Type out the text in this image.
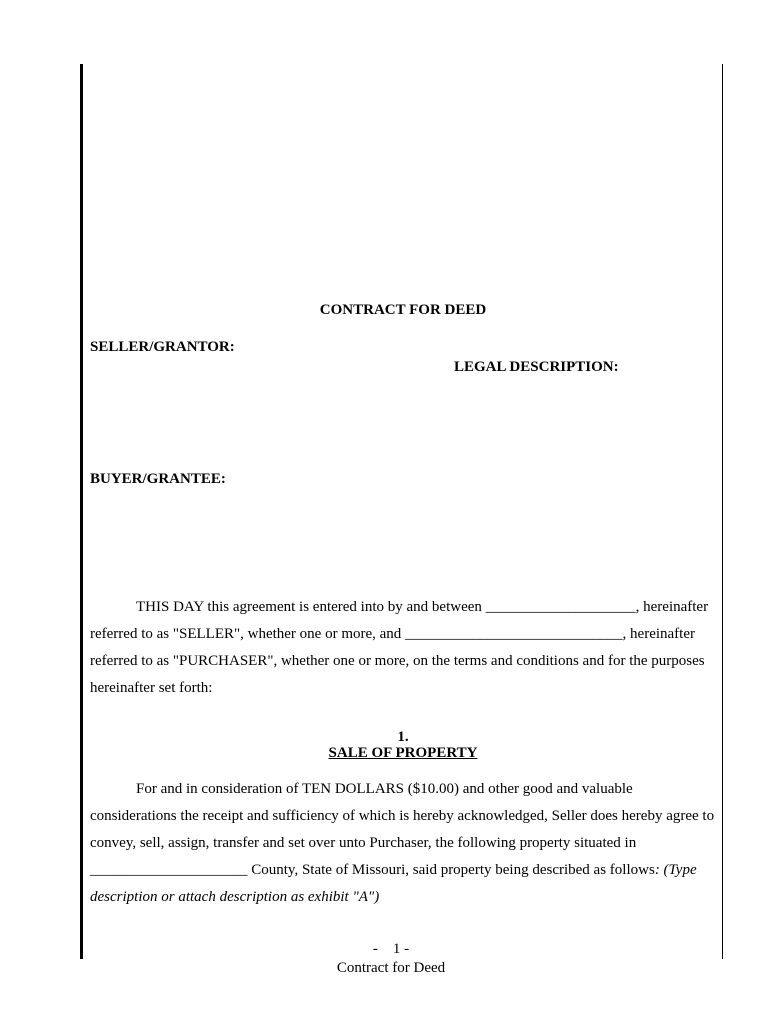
CONTRACT FOR DEED
SELLER/GRANTOR:
LEGAL DESCRIPTION:
BUYER/GRANTEE:
THIS DAY this agreement is entered into by and between ____________________, hereinafter
referred to as "SELLER", whether one or more, and _____________________________, hereinafter
referred to as "PURCHASER", whether one or more, on the terms and conditions and for the purposes
hereinafter set forth:
1.
SALE OF PROPERTY
For and in consideration of TEN DOLLARS ($10.00) and other good and valuable
considerations the receipt and sufficiency of which is hereby acknowledged, Seller does hereby agree to
convey, sell, assign, transfer and set over unto Purchaser, the following property situated in
_____________________ County, State of Missouri, said property being described as follows: (Type
description or attach description as exhibit "A")
-    1 -
Contract for Deed
